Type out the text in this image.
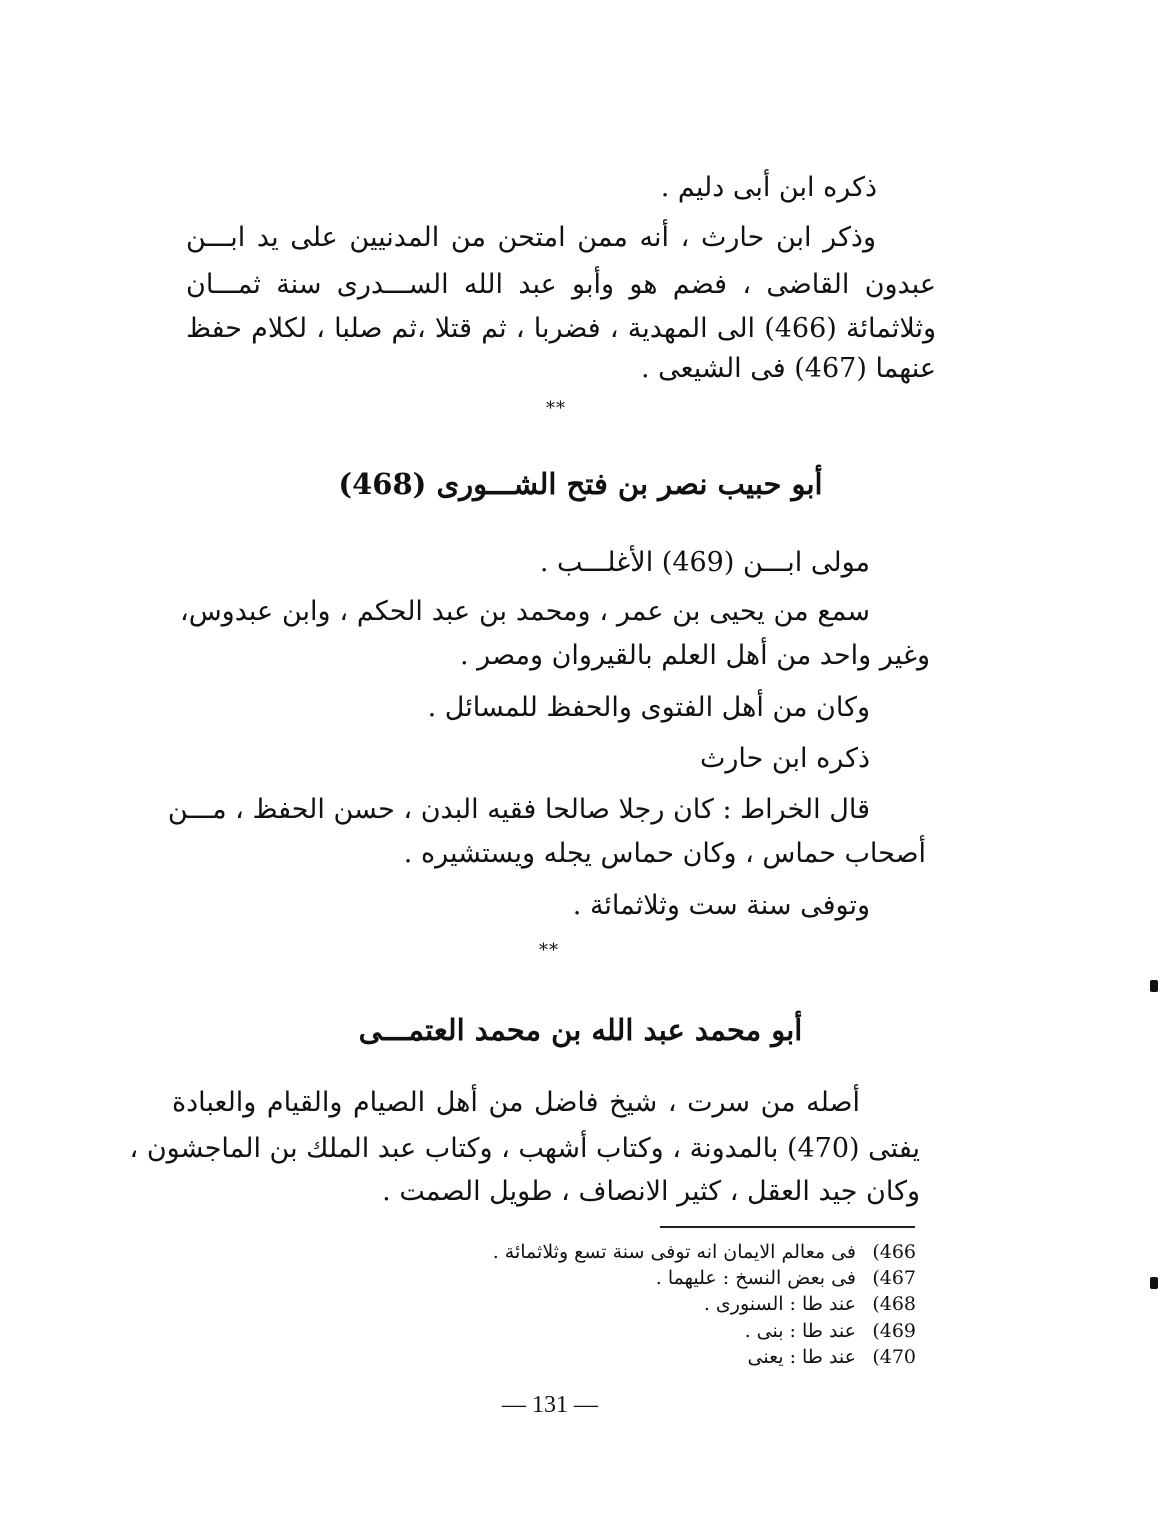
ذكره ابن أبى دليم .
وذكر ابن حارث ، أنه ممن امتحن من المدنيين على يد ابـــن
عبدون القاضى ، فضم هو وأبو عبد الله الســـدرى سنة ثمـــان
وثلاثمائة (466) الى المهدية ، فضربا ، ثم قتلا ،ثم صلبا ، لكلام حفظ
عنهما (467) فى الشيعى .
**
أبو حبيب نصر بن فتح الشـــورى (468)
مولى ابـــن (469) الأغلـــب .
سمع من يحيى بن عمر ، ومحمد بن عبد الحكم ، وابن عبدوس،
وغير واحد من أهل العلم بالقيروان ومصر .
وكان من أهل الفتوى والحفظ للمسائل .
ذكره ابن حارث
قال الخراط : كان رجلا صالحا فقيه البدن ، حسن الحفظ ، مـــن
أصحاب حماس ، وكان حماس يجله ويستشيره .
وتوفى سنة ست وثلاثمائة .
**
أبو محمد عبد الله بن محمد العتمـــى
أصله من سرت ، شيخ فاضل من أهل الصيام والقيام والعبادة
يفتى (470) بالمدونة ، وكتاب أشهب ، وكتاب عبد الملك بن الماجشون ،
وكان جيد العقل ، كثير الانصاف ، طويل الصمت .
466)فى معالم الايمان انه توفى سنة تسع وثلاثمائة .
467)فى بعض النسخ : عليهما .
468)عند طا : السنورى .
469)عند طا : بنى .
470)عند طا : يعنى
— 131 —
